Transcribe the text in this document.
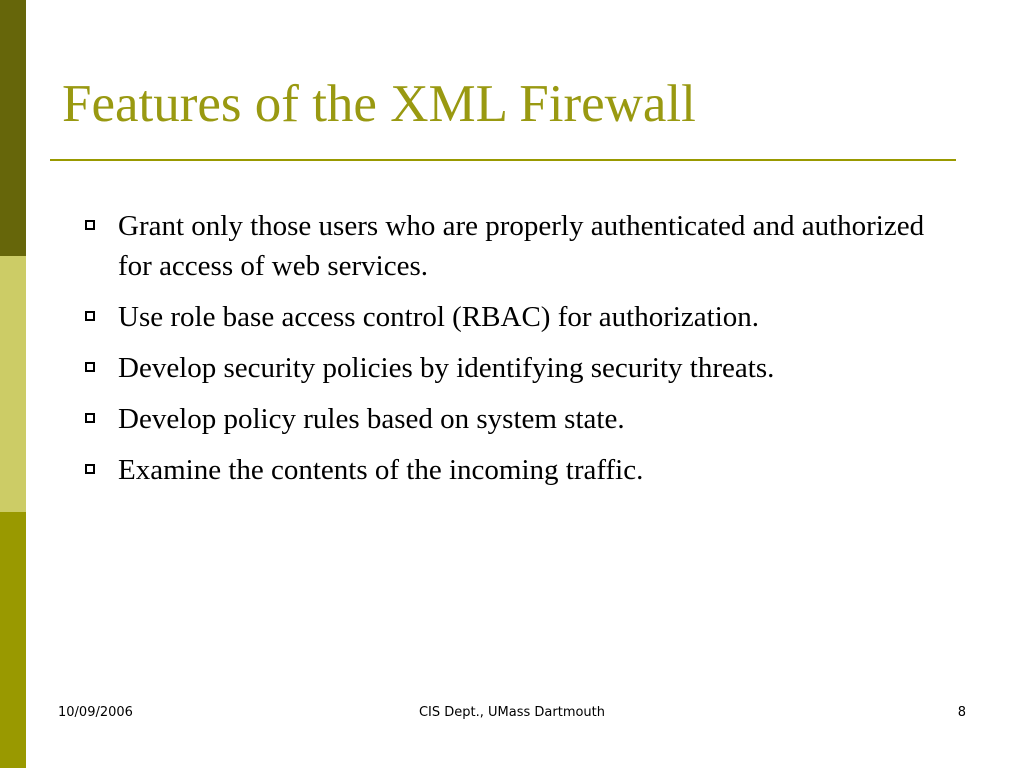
Features of the XML Firewall
Grant only those users who are properly authenticated and authorized for access of web services.
Use role base access control (RBAC) for authorization.
Develop security policies by identifying security threats.
Develop policy rules based on system state.
Examine the contents of the incoming traffic.
10/09/2006	CIS Dept., UMass Dartmouth	8
